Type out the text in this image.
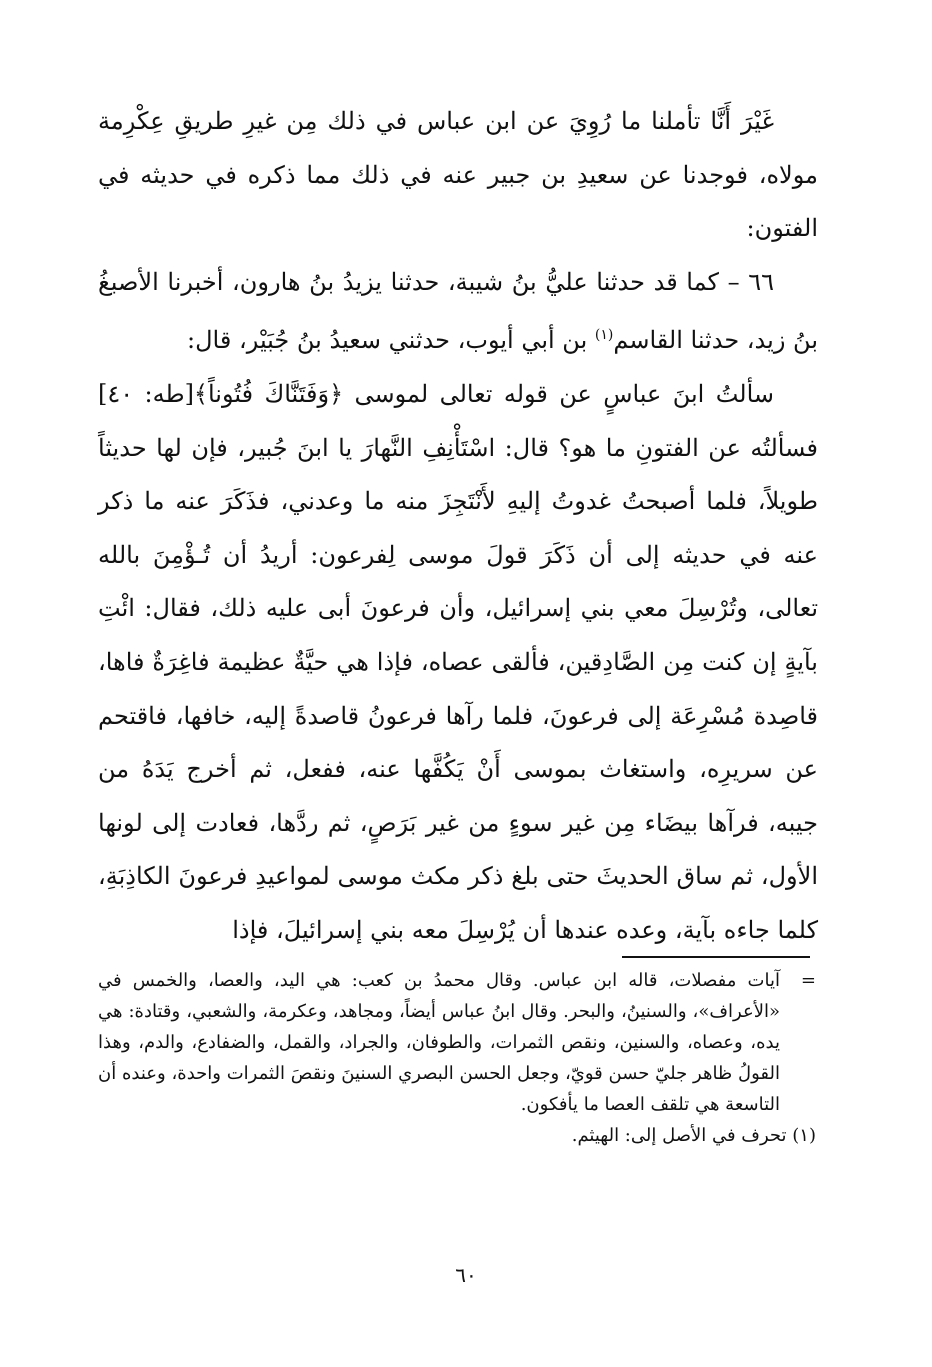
غَيْرَ أَنَّا تأملنا ما رُوِيَ عن ابن عباس في ذلك مِن غيرِ طريقِ عِكْرِمة مولاه، فوجدنا عن سعيدِ بن جبير عنه في ذلك مما ذكره في حديثه في الفتون:

٦٦ – كما قد حدثنا عليُّ بنُ شيبة، حدثنا يزيدُ بنُ هارون، أخبرنا الأصبغُ بنُ زيد، حدثنا القاسم$^{(١)}$ بن أبي أيوب، حدثني سعيدُ بنُ جُبَيْر، قال:

سألتُ ابنَ عباسٍ عن قوله تعالى لموسى ﴿وَفَتَنَّاكَ فُتُوناً﴾[طه: ٤٠] فسألتُه عن الفتونِ ما هو؟ قال: اسْتَأْنِفِ النَّهارَ يا ابنَ جُبير، فإن لها حديثاً طويلاً، فلما أصبحتُ غدوتُ إليهِ لأَنْتَجِزَ منه ما وعدني، فذَكَرَ عنه ما ذكر عنه في حديثه إلى أن ذَكَرَ قولَ موسى لِفرعون: أريدُ أن تُـؤْمِنَ بالله تعالى، وتُرْسِلَ معي بني إسرائيل، وأن فرعونَ أبى عليه ذلك، فقال: ائْتِ بآيةٍ إن كنت مِن الصَّادِقين، فألقى عصاه، فإذا هي حيَّةٌ عظيمة فاغِرَةٌ فاها، قاصِدة مُسْرِعَة إلى فرعونَ، فلما رآها فرعونُ قاصدةً إليه، خافها، فاقتحم عن سريرِه، واستغاث بموسى أَنْ يَكُفَّها عنه، ففعل، ثم أخرج يَدَهُ من جيبه، فرآها بيضَاء مِن غير سوءٍ من غير بَرَصٍ، ثم ردَّها، فعادت إلى لونها الأول، ثم ساق الحديثَ حتى بلغ ذكر مكث موسى لمواعيدِ فرعونَ الكاذِبَةِ، كلما جاءه بآية، وعده عندها أن يُرْسِلَ معه بني إسرائيلَ، فإذا

=
آيات مفصلات، قاله ابن عباس. وقال محمدُ بن كعب: هي اليد، والعصا، والخمس في «الأعراف»، والسنينُ، والبحر. وقال ابنُ عباس أيضاً، ومجاهد، وعكرمة، والشعبي، وقتادة: هي يده، وعصاه، والسنين، ونقص الثمرات، والطوفان، والجراد، والقمل، والضفادع، والدم، وهذا القولُ ظاهر جليّ حسن قويّ، وجعل الحسن البصري السنينَ ونقصَ الثمرات واحدة، وعنده أن التاسعة هي تلقف العصا ما يأفكون.

(١) تحرف في الأصل إلى: الهيثم.

٦٠
